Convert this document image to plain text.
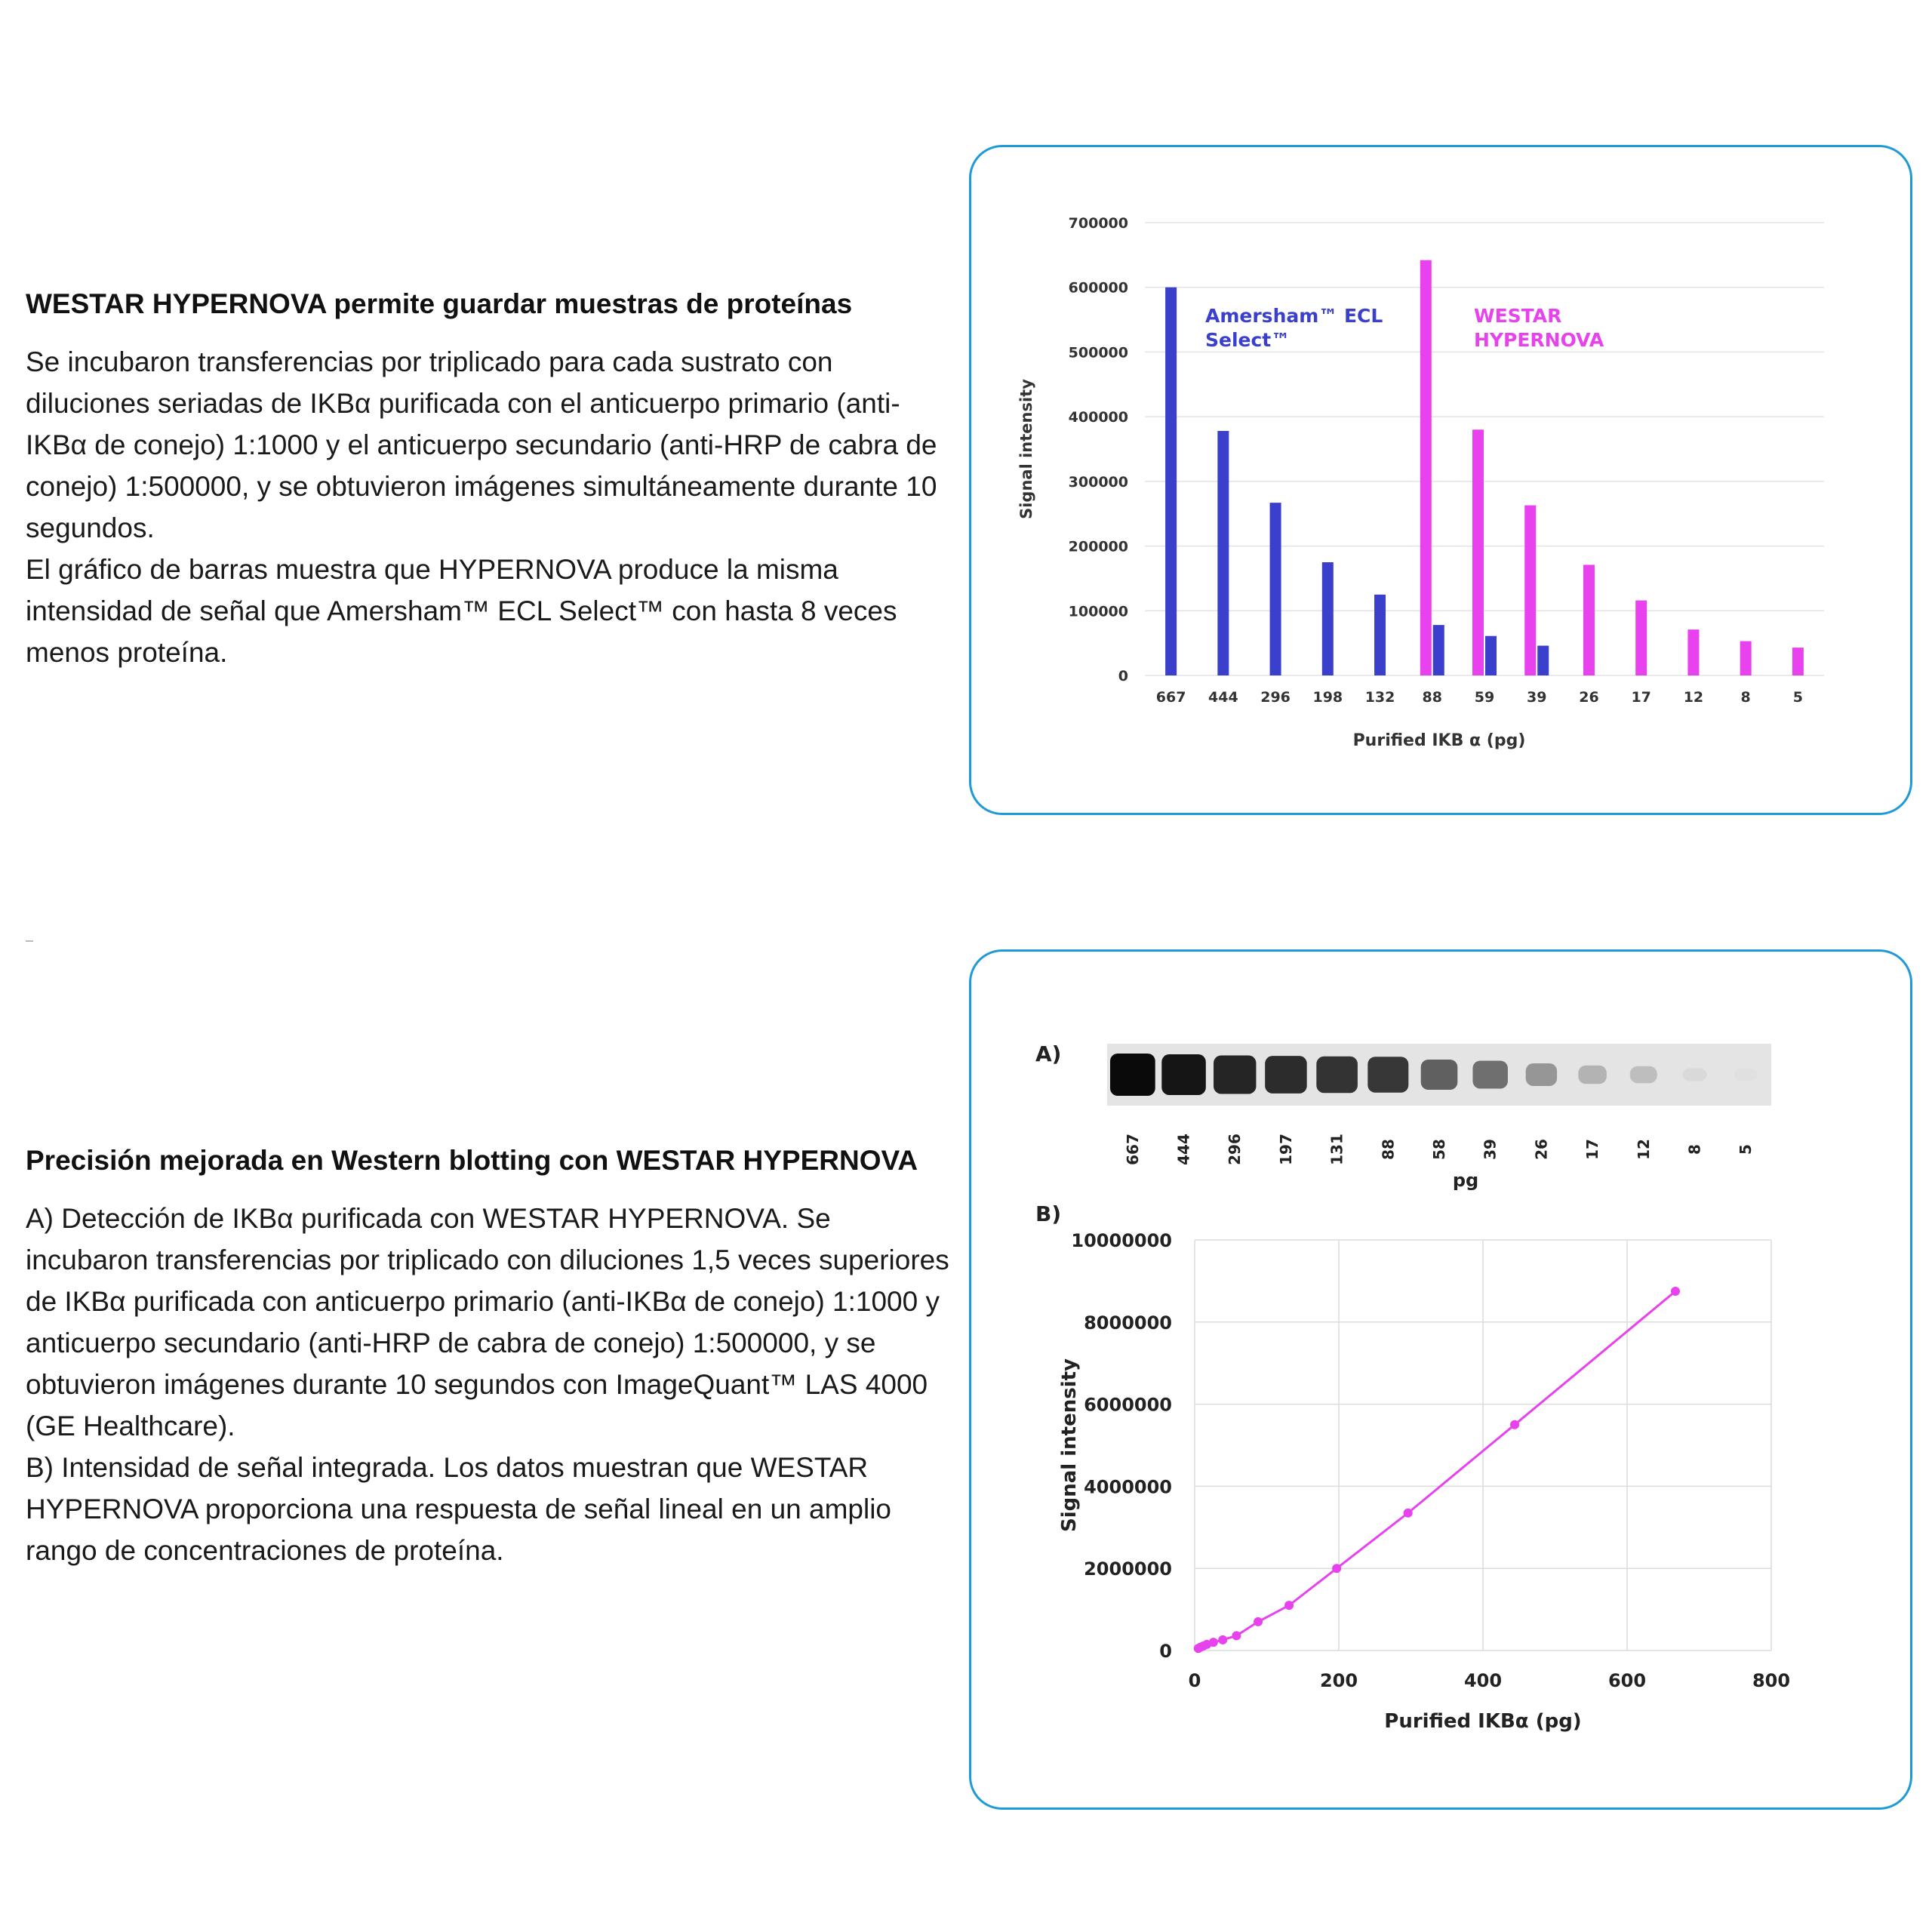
WESTAR HYPERNOVA permite guardar muestras de proteínas

Se incubaron transferencias por triplicado para cada sustrato con diluciones seriadas de IKBα purificada con el anticuerpo primario (anti-IKBα de conejo) 1:1000 y el anticuerpo secundario (anti-HRP de cabra de conejo) 1:500000, y se obtuvieron imágenes simultáneamente durante 10 segundos.

El gráfico de barras muestra que HYPERNOVA produce la misma intensidad de señal que Amersham™ ECL Select™ con hasta 8 veces menos proteína.

Precisión mejorada en Western blotting con WESTAR HYPERNOVA

A) Detección de IKBα purificada con WESTAR HYPERNOVA. Se incubaron transferencias por triplicado con diluciones 1,5 veces superiores de IKBα purificada con anticuerpo primario (anti-IKBα de conejo) 1:1000 y anticuerpo secundario (anti-HRP de cabra de conejo) 1:500000, y se obtuvieron imágenes durante 10 segundos con ImageQuant™ LAS 4000 (GE Healthcare).

B) Intensidad de señal integrada. Los datos muestran que WESTAR HYPERNOVA proporciona una respuesta de señal lineal en un amplio rango de concentraciones de proteína.

0
100000
200000
300000
400000
500000
600000
700000
667 444 296 198 132 88 59 39 26 17 12	8	5
Amersham™ ECL Select™
WESTAR HYPERNOVA
Purified IKB α (pg)
Signal intensity
A)
667 444 296 197 131 88 58 39 26 17 12 8 5
pg
B)
0
2000000
4000000
6000000
8000000
10000000
0	200	400	600	800
Purified IKBα (pg)
Signal intensity
